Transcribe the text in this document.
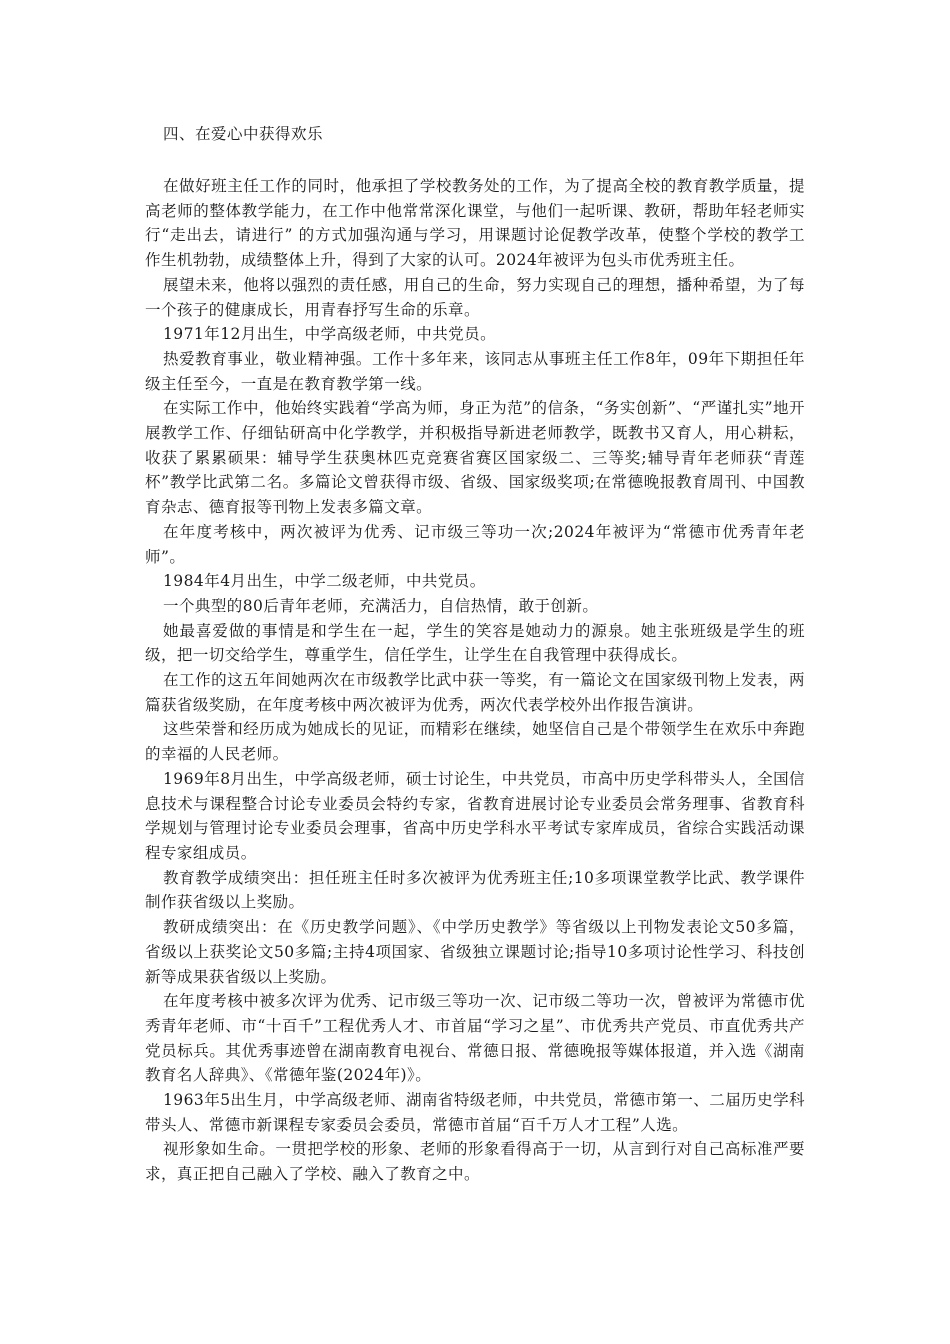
四、在爱心中获得欢乐

在做好班主任工作的同时，他承担了学校教务处的工作，为了提高全校的教育教学质量，提高老师的整体教学能力，在工作中他常常深化课堂，与他们一起听课、教研，帮助年轻老师实行“走出去，请进行” 的方式加强沟通与学习，用课题讨论促教学改革，使整个学校的教学工作生机勃勃，成绩整体上升，得到了大家的认可。2024年被评为包头市优秀班主任。

展望未来，他将以强烈的责任感，用自己的生命，努力实现自己的理想，播种希望，为了每一个孩子的健康成长，用青春抒写生命的乐章。

1971年12月出生，中学高级老师，中共党员。

热爱教育事业，敬业精神强。工作十多年来，该同志从事班主任工作8年，09年下期担任年级主任至今，一直是在教育教学第一线。

在实际工作中，他始终实践着“学高为师，身正为范”的信条，“务实创新”、“严谨扎实”地开展教学工作、仔细钻研高中化学教学，并积极指导新进老师教学，既教书又育人，用心耕耘，收获了累累硕果：辅导学生获奥林匹克竞赛省赛区国家级二、三等奖;辅导青年老师获“青莲杯”教学比武第二名。多篇论文曾获得市级、省级、国家级奖项;在常德晚报教育周刊、中国教育杂志、德育报等刊物上发表多篇文章。

在年度考核中，两次被评为优秀、记市级三等功一次;2024年被评为“常德市优秀青年老师”。

1984年4月出生，中学二级老师，中共党员。

一个典型的80后青年老师，充满活力，自信热情，敢于创新。

她最喜爱做的事情是和学生在一起，学生的笑容是她动力的源泉。她主张班级是学生的班级，把一切交给学生，尊重学生，信任学生，让学生在自我管理中获得成长。

在工作的这五年间她两次在市级教学比武中获一等奖，有一篇论文在国家级刊物上发表，两篇获省级奖励，在年度考核中两次被评为优秀，两次代表学校外出作报告演讲。

这些荣誉和经历成为她成长的见证，而精彩在继续，她坚信自己是个带领学生在欢乐中奔跑的幸福的人民老师。

1969年8月出生，中学高级老师，硕士讨论生，中共党员，市高中历史学科带头人，全国信息技术与课程整合讨论专业委员会特约专家，省教育进展讨论专业委员会常务理事、省教育科学规划与管理讨论专业委员会理事，省高中历史学科水平考试专家库成员，省综合实践活动课程专家组成员。

教育教学成绩突出：担任班主任时多次被评为优秀班主任;10多项课堂教学比武、教学课件制作获省级以上奖励。

教研成绩突出：在《历史教学问题》、《中学历史教学》等省级以上刊物发表论文50多篇，省级以上获奖论文50多篇;主持4项国家、省级独立课题讨论;指导10多项讨论性学习、科技创新等成果获省级以上奖励。

在年度考核中被多次评为优秀、记市级三等功一次、记市级二等功一次，曾被评为常德市优秀青年老师、市“十百千”工程优秀人才、市首届“学习之星”、市优秀共产党员、市直优秀共产党员标兵。其优秀事迹曾在湖南教育电视台、常德日报、常德晚报等媒体报道，并入选《湖南教育名人辞典》、《常德年鉴(2024年)》。

1963年5出生月，中学高级老师、湖南省特级老师，中共党员，常德市第一、二届历史学科带头人、常德市新课程专家委员会委员，常德市首届“百千万人才工程”人选。

视形象如生命。一贯把学校的形象、老师的形象看得高于一切，从言到行对自己高标准严要求，真正把自己融入了学校、融入了教育之中。
